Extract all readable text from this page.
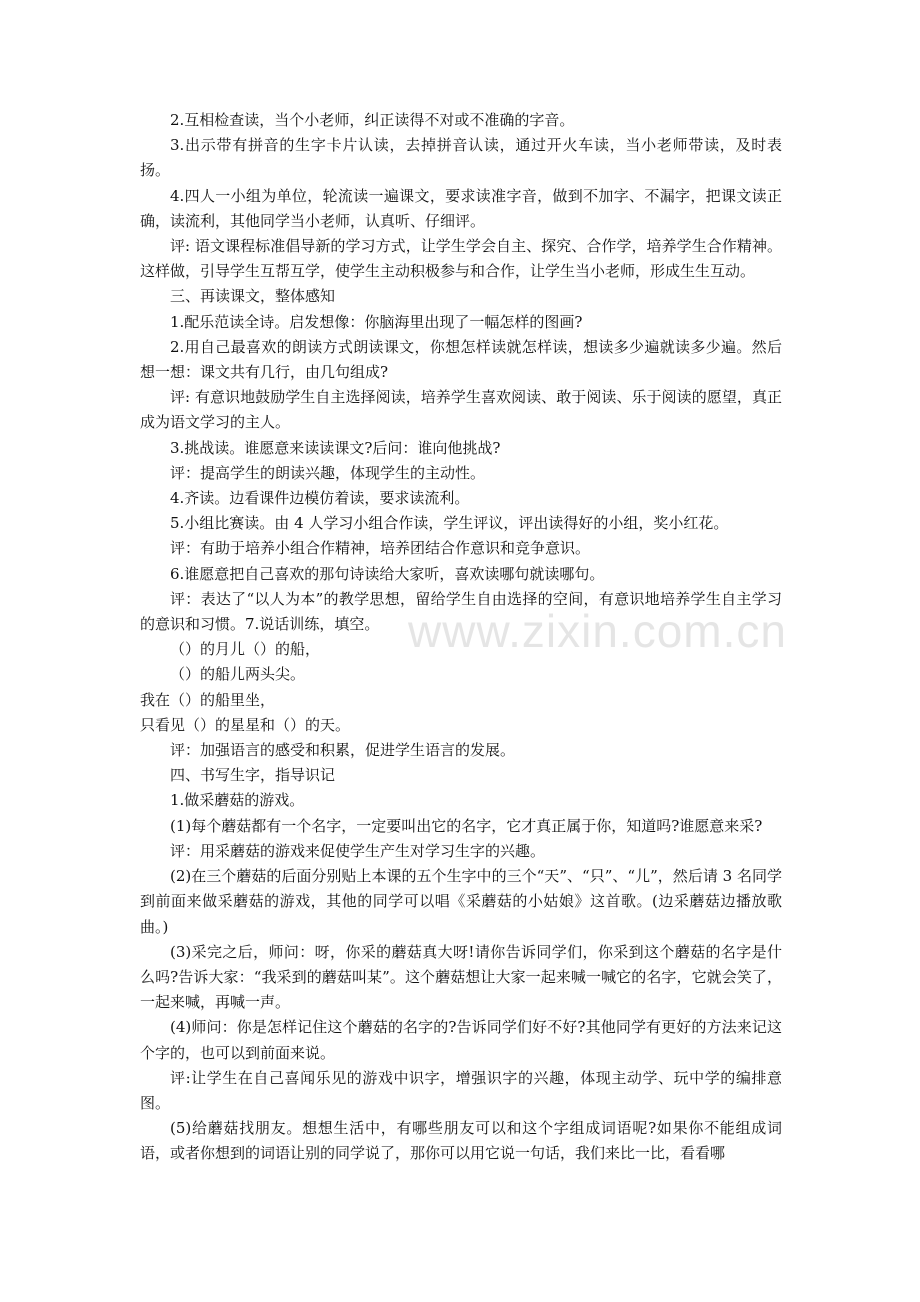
2.互相检查读，当个小老师，纠正读得不对或不准确的字音。

3.出示带有拼音的生字卡片认读，去掉拼音认读，通过开火车读，当小老师带读，及时表扬。

4.四人一小组为单位，轮流读一遍课文，要求读准字音，做到不加字、不漏字，把课文读正确，读流利，其他同学当小老师，认真听、仔细评。

评: 语文课程标准倡导新的学习方式，让学生学会自主、探究、合作学，培养学生合作精神。这样做，引导学生互帮互学，使学生主动积极参与和合作，让学生当小老师，形成生生互动。

三、再读课文，整体感知

1.配乐范读全诗。启发想像：你脑海里出现了一幅怎样的图画?

2.用自己最喜欢的朗读方式朗读课文，你想怎样读就怎样读，想读多少遍就读多少遍。然后想一想：课文共有几行，由几句组成?

评: 有意识地鼓励学生自主选择阅读，培养学生喜欢阅读、敢于阅读、乐于阅读的愿望，真正成为语文学习的主人。

3.挑战读。谁愿意来读读课文?后问：谁向他挑战?

评：提高学生的朗读兴趣，体现学生的主动性。

4.齐读。边看课件边模仿着读，要求读流利。

5.小组比赛读。由 4 人学习小组合作读，学生评议，评出读得好的小组，奖小红花。

评：有助于培养小组合作精神，培养团结合作意识和竞争意识。

6.谁愿意把自己喜欢的那句诗读给大家听，喜欢读哪句就读哪句。

评：表达了“以人为本”的教学思想，留给学生自由选择的空间，有意识地培养学生自主学习的意识和习惯。7.说话训练，填空。

（）的月儿（）的船，

（）的船儿两头尖。

我在（）的船里坐，

只看见（）的星星和（）的天。

评：加强语言的感受和积累，促进学生语言的发展。

四、书写生字，指导识记

1.做采蘑菇的游戏。

(1)每个蘑菇都有一个名字，一定要叫出它的名字，它才真正属于你，知道吗?谁愿意来采?

评：用采蘑菇的游戏来促使学生产生对学习生字的兴趣。

(2)在三个蘑菇的后面分别贴上本课的五个生字中的三个“天”、“只”、“儿”，然后请 3 名同学到前面来做采蘑菇的游戏，其他的同学可以唱《采蘑菇的小姑娘》这首歌。(边采蘑菇边播放歌曲。)

(3)采完之后，师问：呀，你采的蘑菇真大呀!请你告诉同学们，你采到这个蘑菇的名字是什么吗?告诉大家：“我采到的蘑菇叫某”。这个蘑菇想让大家一起来喊一喊它的名字，它就会笑了，一起来喊，再喊一声。

(4)师问：你是怎样记住这个蘑菇的名字的?告诉同学们好不好?其他同学有更好的方法来记这个字的，也可以到前面来说。

评:让学生在自己喜闻乐见的游戏中识字，增强识字的兴趣，体现主动学、玩中学的编排意图。

(5)给蘑菇找朋友。想想生活中，有哪些朋友可以和这个字组成词语呢?如果你不能组成词语，或者你想到的词语让别的同学说了，那你可以用它说一句话，我们来比一比，看看哪

www.zixin.com.cn
